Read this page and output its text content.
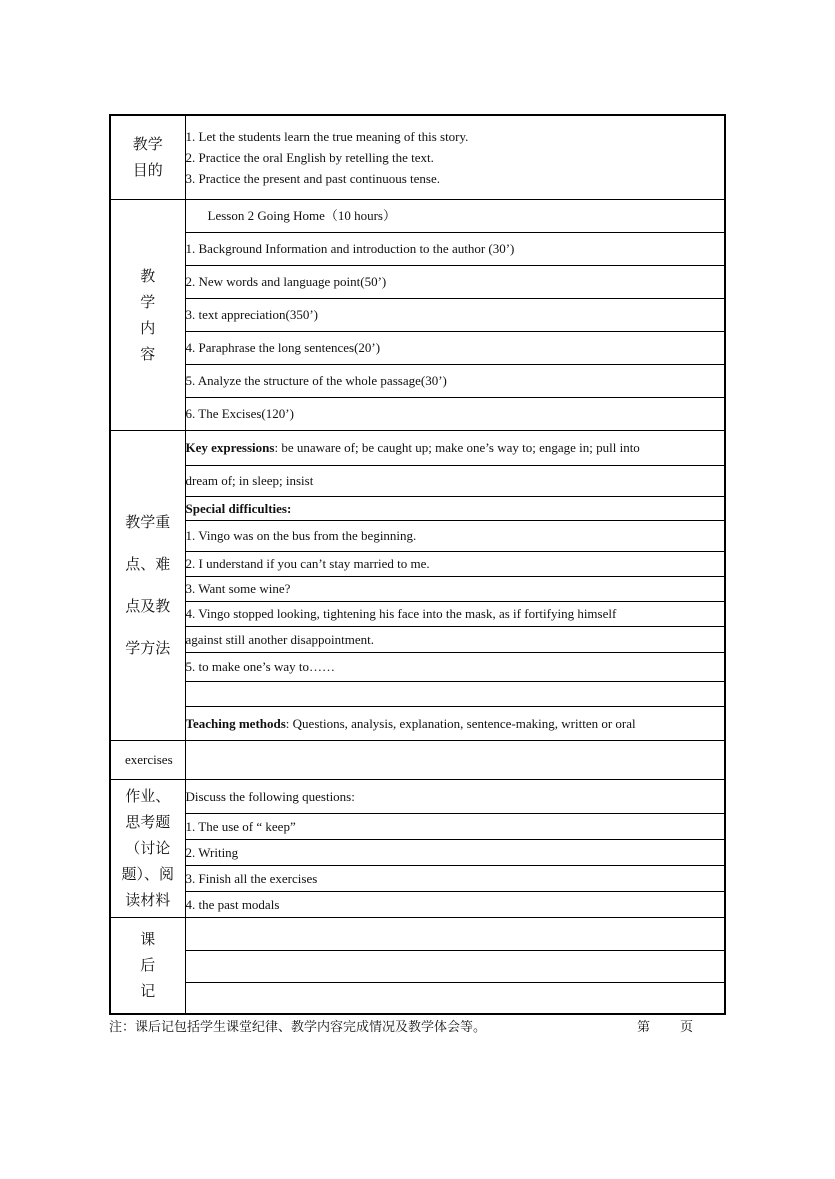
教学
目的	1. Let the students learn the true meaning of this story.
2. Practice the oral English by retelling the text.
3. Practice the present and past continuous tense.

教
学
内
容	Lesson 2 Going Home（10 hours）
	1. Background Information and introduction to the author (30’)
	2. New words and language point(50’)
	3. text appreciation(350’)
	4. Paraphrase the long sentences(20’)
	5. Analyze the structure of the whole passage(30’)
	6. The Excises(120’)

教学重
点、难
点及教
学方法	Key expressions: be unaware of; be caught up; make one’s way to; engage in; pull into
	dream of; in sleep; insist
	Special difficulties:
	1. Vingo was on the bus from the beginning.
	2. I understand if you can’t stay married to me.
	3. Want some wine?
	4. Vingo stopped looking, tightening his face into the mask, as if fortifying himself
	against still another disappointment.
	5. to make one’s way to……

	Teaching methods: Questions, analysis, explanation, sentence-making, written or oral
exercises	

作业、
思考题
（讨论
题）、阅
读材料	Discuss the following questions:
	1. The use of “ keep”
	2. Writing
	3. Finish all the exercises
	4. the past modals

课
后
记	

注：课后记包括学生课堂纪律、教学内容完成情况及教学体会等。	第 页
